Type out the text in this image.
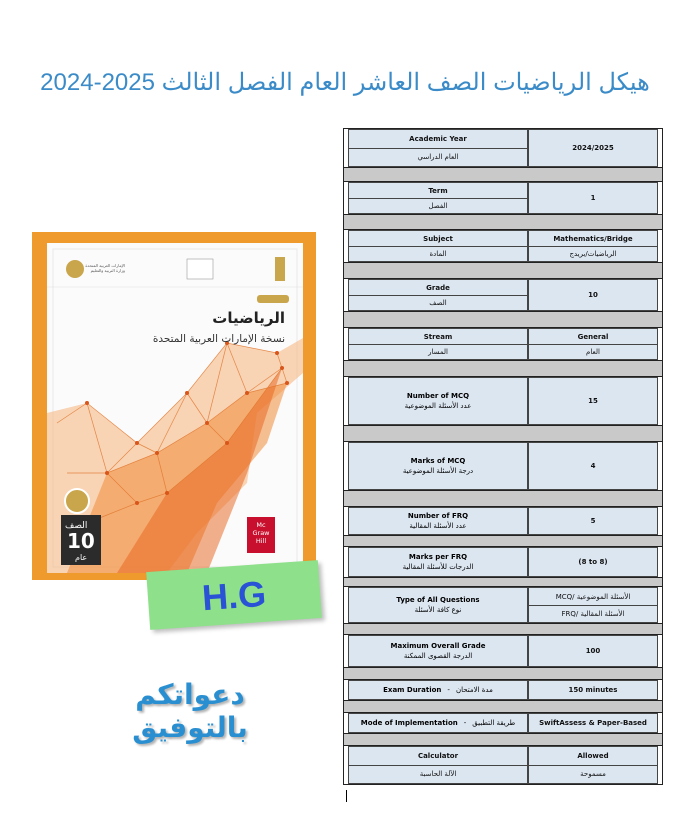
هيكل الرياضيات الصف العاشر العام الفصل الثالث 2025-2024
الإمارات العربية المتحدة وزارة التربية والتعليم
الرياضيات
نسخة الإمارات العربية المتحدة
الصف
10
عام
Mc Graw Hill
H.G
دعواتكم بالتوفيق
Academic Year
العام الدراسي
2024/2025
Term
الفصل
1
Subject
المادة
Mathematics/Bridge
الرياضيات/بريدج
Grade
الصف
10
Stream
المسار
General
العام
Number of MCQ
عدد الأسئلة الموضوعية
15
Marks of MCQ
درجة الأسئلة الموضوعية
4
Number of FRQ
عدد الأسئلة المقالية
5
Marks per FRQ
الدرجات للأسئلة المقالية
(8 to 8)
Type of All Questions
نوع كافة الأسئلة
الأسئلة الموضوعية /MCQ
الأسئلة المقالية /FRQ
Maximum Overall Grade
الدرجة القصوى الممكنة
100
Exam Duration - مدة الامتحان	150 minutes
Mode of Implementation - طريقة التطبيق	SwiftAssess & Paper-Based
Calculator
الآلة الحاسبة
Allowed
مسموحة
